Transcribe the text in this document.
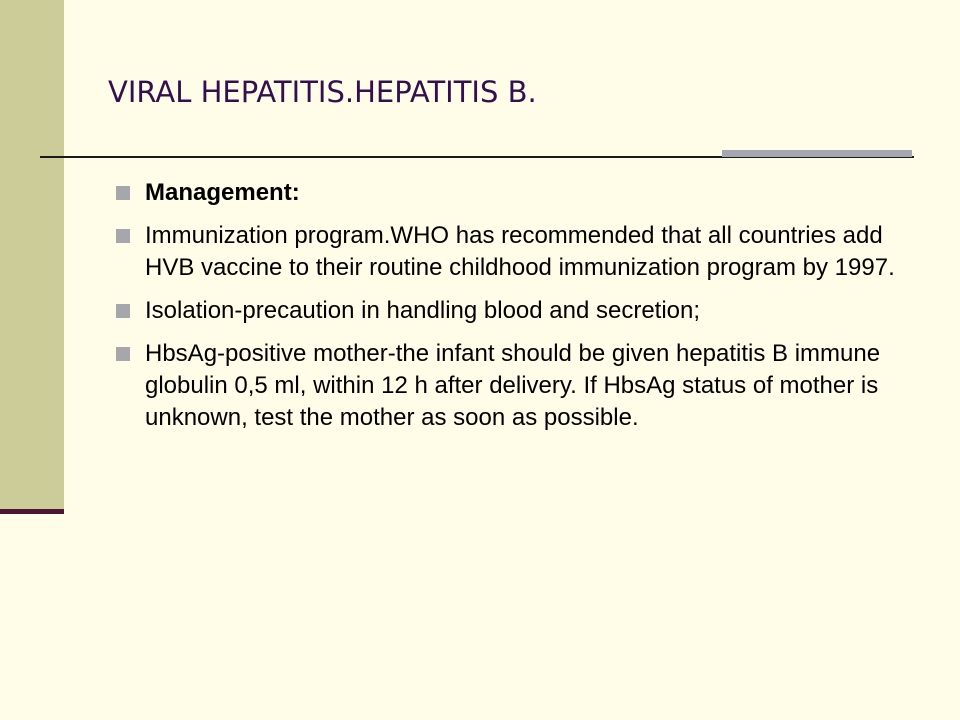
VIRAL HEPATITIS.HEPATITIS B.
Management:
Immunization program.WHO has recommended that all countries add HVB vaccine to their routine childhood immunization program by 1997.
Isolation-precaution in handling blood and secretion;
HbsAg-positive mother-the infant should be given hepatitis B immune globulin 0,5 ml, within 12 h after delivery. If HbsAg status of mother is unknown, test the mother as soon as possible.
